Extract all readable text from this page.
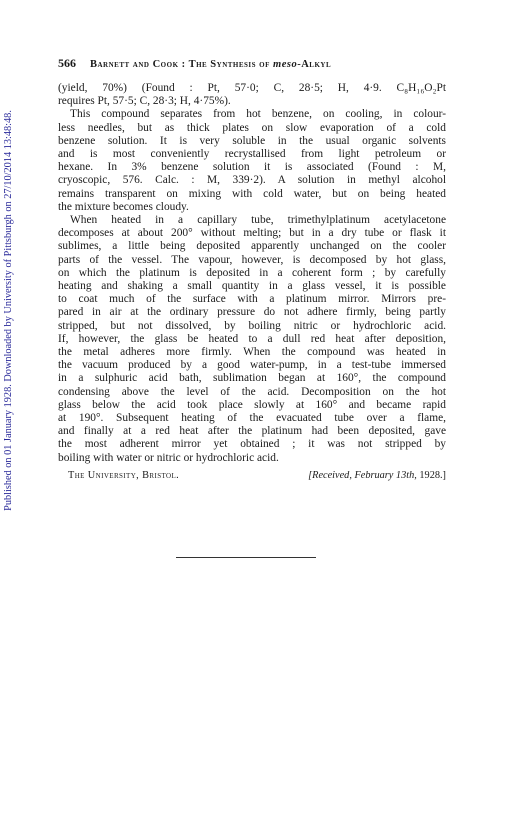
Published on 01 January 1928. Downloaded by University of Pittsburgh on 27/10/2014 13:48:48.
566 Barnett and Cook : The Synthesis of meso-Alkyl

(yield, 70%) (Found : Pt, 57·0; C, 28·5; H, 4·9. C₈H₁₆O₂Pt
requires Pt, 57·5; C, 28·3; H, 4·75%).

This compound separates from hot benzene, on cooling, in colour-
less needles, but as thick plates on slow evaporation of a cold
benzene solution. It is very soluble in the usual organic solvents
and is most conveniently recrystallised from light petroleum or
hexane. In 3% benzene solution it is associated (Found : M,
cryoscopic, 576. Calc. : M, 339·2). A solution in methyl alcohol
remains transparent on mixing with cold water, but on being heated
the mixture becomes cloudy.

When heated in a capillary tube, trimethylplatinum acetylacetone
decomposes at about 200° without melting; but in a dry tube or flask it
sublimes, a little being deposited apparently unchanged on the cooler
parts of the vessel. The vapour, however, is decomposed by hot glass,
on which the platinum is deposited in a coherent form ; by carefully
heating and shaking a small quantity in a glass vessel, it is possible
to coat much of the surface with a platinum mirror. Mirrors pre-
pared in air at the ordinary pressure do not adhere firmly, being partly
stripped, but not dissolved, by boiling nitric or hydrochloric acid.
If, however, the glass be heated to a dull red heat after deposition,
the metal adheres more firmly. When the compound was heated in
the vacuum produced by a good water-pump, in a test-tube immersed
in a sulphuric acid bath, sublimation began at 160°, the compound
condensing above the level of the acid. Decomposition on the hot
glass below the acid took place slowly at 160° and became rapid
at 190°. Subsequent heating of the evacuated tube over a flame,
and finally at a red heat after the platinum had been deposited, gave
the most adherent mirror yet obtained ; it was not stripped by
boiling with water or nitric or hydrochloric acid.

The University, Bristol.	[Received, February 13th, 1928.]
